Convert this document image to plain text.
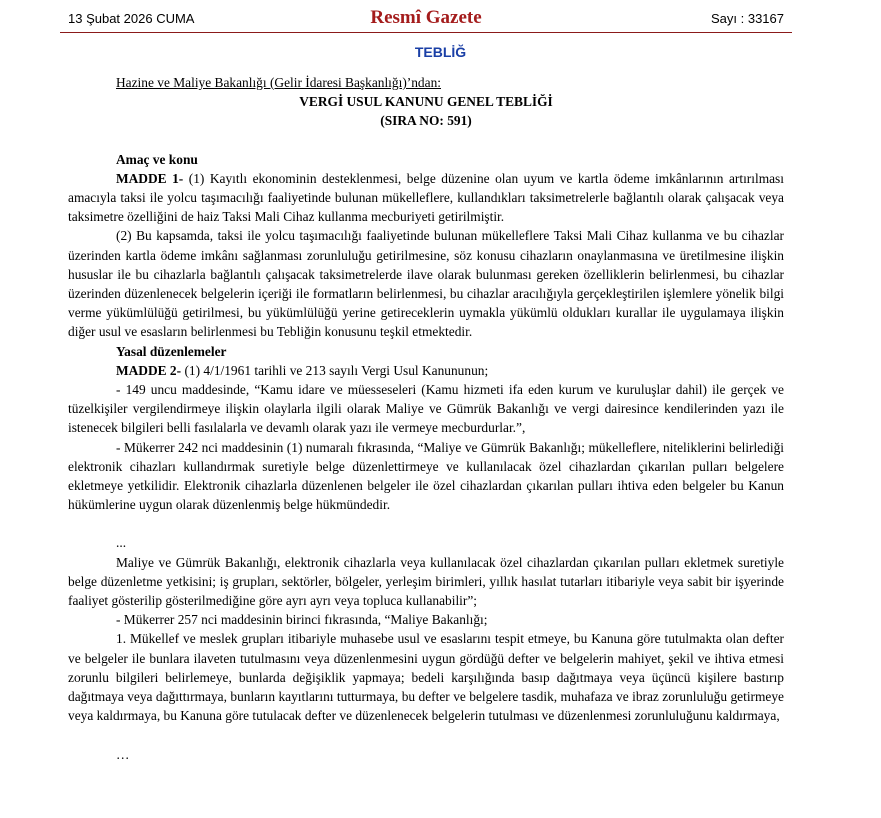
13 Şubat 2026 CUMA	Resmî Gazete	Sayı : 33167
TEBLİĞ

Hazine ve Maliye Bakanlığı (Gelir İdaresi Başkanlığı)’ndan:

VERGİ USUL KANUNU GENEL TEBLİĞİ

(SIRA NO: 591)

Amaç ve konu

MADDE 1- (1) Kayıtlı ekonominin desteklenmesi, belge düzenine olan uyum ve kartla ödeme imkânlarının artırılması amacıyla taksi ile yolcu taşımacılığı faaliyetinde bulunan mükelleflere, kullandıkları taksimetrelerle bağlantılı olarak çalışacak veya taksimetre özelliğini de haiz Taksi Mali Cihaz kullanma mecburiyeti getirilmiştir.

(2) Bu kapsamda, taksi ile yolcu taşımacılığı faaliyetinde bulunan mükelleflere Taksi Mali Cihaz kullanma ve bu cihazlar üzerinden kartla ödeme imkânı sağlanması zorunluluğu getirilmesine, söz konusu cihazların onaylanmasına ve üretilmesine ilişkin hususlar ile bu cihazlarla bağlantılı çalışacak taksimetrelerde ilave olarak bulunması gereken özelliklerin belirlenmesi, bu cihazlar üzerinden düzenlenecek belgelerin içeriği ile formatların belirlenmesi, bu cihazlar aracılığıyla gerçekleştirilen işlemlere yönelik bilgi verme yükümlülüğü getirilmesi, bu yükümlülüğü yerine getireceklerin uymakla yükümlü oldukları kurallar ile uygulamaya ilişkin diğer usul ve esasların belirlenmesi bu Tebliğin konusunu teşkil etmektedir.

Yasal düzenlemeler

MADDE 2- (1) 4/1/1961 tarihli ve 213 sayılı Vergi Usul Kanununun;

- 149 uncu maddesinde, “Kamu idare ve müesseseleri (Kamu hizmeti ifa eden kurum ve kuruluşlar dahil) ile gerçek ve tüzelkişiler vergilendirmeye ilişkin olaylarla ilgili olarak Maliye ve Gümrük Bakanlığı ve vergi dairesince kendilerinden yazı ile istenecek bilgileri belli fasılalarla ve devamlı olarak yazı ile vermeye mecburdurlar.”,

- Mükerrer 242 nci maddesinin (1) numaralı fıkrasında, “Maliye ve Gümrük Bakanlığı; mükelleflere, niteliklerini belirlediği elektronik cihazları kullandırmak suretiyle belge düzenlettirmeye ve kullanılacak özel cihazlardan çıkarılan pulları belgelere ekletmeye yetkilidir. Elektronik cihazlarla düzenlenen belgeler ile özel cihazlardan çıkarılan pulları ihtiva eden belgeler bu Kanun hükümlerine uygun olarak düzenlenmiş belge hükmündedir.

...

Maliye ve Gümrük Bakanlığı, elektronik cihazlarla veya kullanılacak özel cihazlardan çıkarılan pulları ekletmek suretiyle belge düzenletme yetkisini; iş grupları, sektörler, bölgeler, yerleşim birimleri, yıllık hasılat tutarları itibariyle veya sabit bir işyerinde faaliyet gösterilip gösterilmediğine göre ayrı ayrı veya topluca kullanabilir”;

- Mükerrer 257 nci maddesinin birinci fıkrasında, “Maliye Bakanlığı;

1. Mükellef ve meslek grupları itibariyle muhasebe usul ve esaslarını tespit etmeye, bu Kanuna göre tutulmakta olan defter ve belgeler ile bunlara ilaveten tutulmasını veya düzenlenmesini uygun gördüğü defter ve belgelerin mahiyet, şekil ve ihtiva etmesi zorunlu bilgileri belirlemeye, bunlarda değişiklik yapmaya; bedeli karşılığında basıp dağıtmaya veya üçüncü kişilere bastırıp dağıtmaya veya dağıttırmaya, bunların kayıtlarını tutturmaya, bu defter ve belgelere tasdik, muhafaza ve ibraz zorunluluğu getirmeye veya kaldırmaya, bu Kanuna göre tutulacak defter ve düzenlenecek belgelerin tutulması ve düzenlenmesi zorunluluğunu kaldırmaya,

…
